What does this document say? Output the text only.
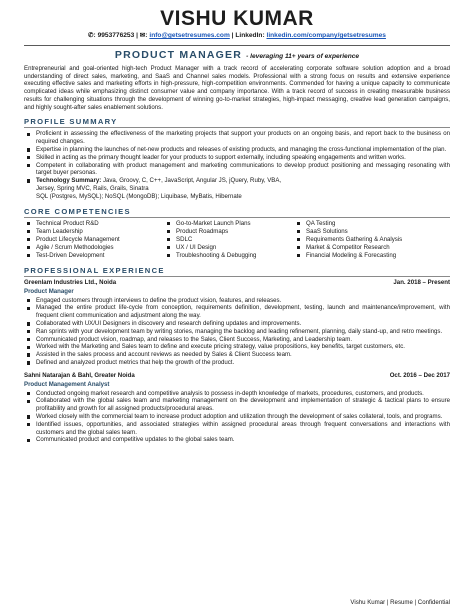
VISHU KUMAR
✆: 9953776253 | ✉: info@getsetresumes.com | LinkedIn: linkedin.com/company/getsetresumes
PRODUCT MANAGER - leveraging 11+ years of experience

Entrepreneurial and goal-oriented high-tech Product Manager with a track record of accelerating corporate software solution adoption and a broad understanding of direct sales, marketing, and SaaS and Channel sales models. Professional with a strong focus on results and extensive experience executing effective sales and marketing efforts in high-pressure, high-competition environments. Commended for having a unique capacity to communicate complicated ideas while emphasizing distinct consumer value and company importance. With a track record of success in creating measurable business results for challenging situations through the development of winning go-to-market strategies, high-impact messaging, creative lead generation campaigns, and highly sought-after sales enablement solutions.

PROFILE SUMMARY
Proficient in assessing the effectiveness of the marketing projects that support your products on an ongoing basis, and report back to the business on required changes.
Expertise in planning the launches of net-new products and releases of existing products, and managing the cross-functional implementation of the plan.
Skilled in acting as the primary thought leader for your products to support externally, including speaking engagements and written works.
Competent in collaborating with product management and marketing communications to develop product positioning and messaging resonating with target buyer personas.
Technology Summary: Java, Groovy, C, C++, JavaScript, Angular JS, jQuery, Ruby, VBA,
Jersey, Spring MVC, Rails, Grails, Sinatra
SQL (Postgres, MySQL); NoSQL (MongoDB); Liquibase, MyBatis, Hibernate
CORE COMPETENCIES
Technical Product R&D
Team Leadership
Product Lifecycle Management
Agile / Scrum Methodologies
Test-Driven Development
Go-to-Market Launch Plans
Product Roadmaps
SDLC
UX / UI Design
Troubleshooting & Debugging
QA Testing
SaaS Solutions
Requirements Gathering & Analysis
Market & Competitor Research
Financial Modeling & Forecasting
PROFESSIONAL EXPERIENCE
Greenlam Industries Ltd., Noida	Jan. 2018 – Present
Product Manager
Engaged customers through interviews to define the product vision, features, and releases.
Managed the entire product life-cycle from conception, requirements definition, development, testing, launch and maintenance/improvement, with frequent client communication and adjustment along the way.
Collaborated with UX/UI Designers in discovery and research defining updates and improvements.
Ran sprints with your development team by writing stories, managing the backlog and leading refinement, planning, daily stand-up, and retro meetings.
Communicated product vision, roadmap, and releases to the Sales, Client Success, Marketing, and Leadership team.
Worked with the Marketing and Sales team to define and execute pricing strategy, value propositions, key benefits, target customers, etc.
Assisted in the sales process and account reviews as needed by Sales & Client Success team.
Defined and analyzed product metrics that help the growth of the product.
Sahni Natarajan & Bahl, Greater Noida	Oct. 2016 – Dec 2017
Product Management Analyst
Conducted ongoing market research and competitive analysis to possess in-depth knowledge of markets, procedures, customers, and products.
Collaborated with the global sales team and marketing management on the development and implementation of strategic & tactical plans to ensure profitability and growth for all assigned products/procedural areas.
Worked closely with the commercial team to increase product adoption and utilization through the development of sales collateral, tools, and programs.
Identified issues, opportunities, and associated strategies within assigned procedural areas through frequent conversations and interactions with customers and the global sales team.
Communicated product and competitive updates to the global sales team.
Vishu Kumar | Resume | Confidential
